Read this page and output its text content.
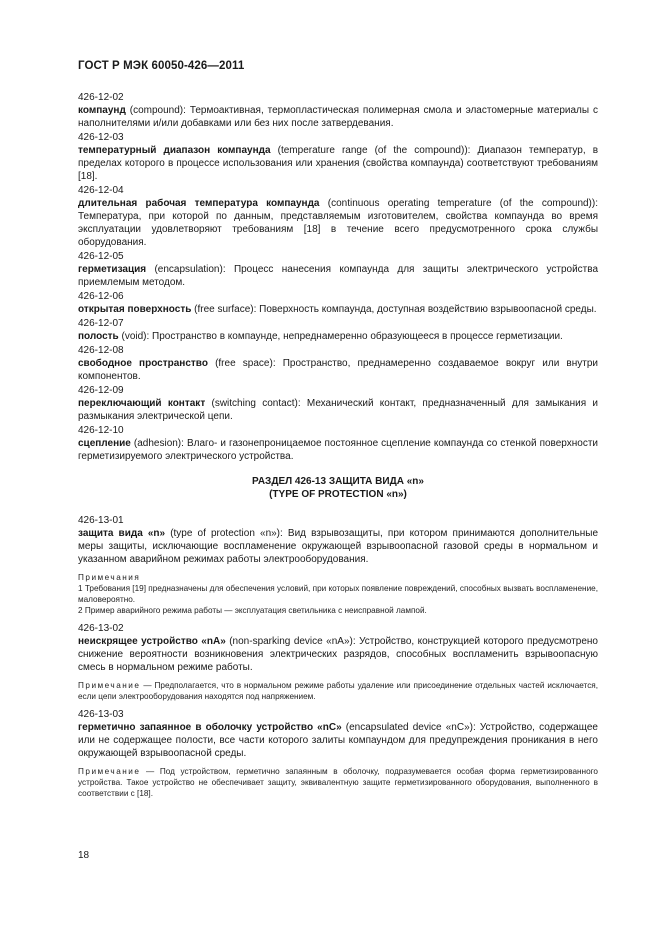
ГОСТ Р МЭК 60050-426—2011

426-12-02

компаунд (compound): Термоактивная, термопластическая полимерная смола и эластомерные материалы с наполнителями и/или добавками или без них после затвердевания.

426-12-03

температурный диапазон компаунда (temperature range (of the compound)): Диапазон температур, в пределах которого в процессе использования или хранения (свойства компаунда) соответствуют требованиям [18].

426-12-04

длительная рабочая температура компаунда (continuous operating temperature (of the compound)): Температура, при которой по данным, представляемым изготовителем, свойства компаунда во время эксплуатации удовлетворяют требованиям [18] в течение всего предусмотренного срока службы оборудования.

426-12-05

герметизация (encapsulation): Процесс нанесения компаунда для защиты электрического устройства приемлемым методом.

426-12-06

открытая поверхность (free surface): Поверхность компаунда, доступная воздействию взрывоопасной среды.

426-12-07

полость (void): Пространство в компаунде, непреднамеренно образующееся в процессе герметизации.

426-12-08

свободное пространство (free space): Пространство, преднамеренно создаваемое вокруг или внутри компонентов.

426-12-09

переключающий контакт (switching contact): Механический контакт, предназначенный для замыкания и размыкания электрической цепи.

426-12-10

сцепление (adhesion): Влаго- и газонепроницаемое постоянное сцепление компаунда со стенкой поверхности герметизируемого электрического устройства.

РАЗДЕЛ 426-13 ЗАЩИТА ВИДА «n»
(TYPE OF PROTECTION «n»)

426-13-01

защита вида «n» (type of protection «n»): Вид взрывозащиты, при котором принимаются дополнительные меры защиты, исключающие воспламенение окружающей взрывоопасной газовой среды в нормальном и указанном аварийном режимах работы электрооборудования.

Примечания

1 Требования [19] предназначены для обеспечения условий, при которых появление повреждений, способных вызвать воспламенение, маловероятно.

2 Пример аварийного режима работы — эксплуатация светильника с неисправной лампой.

426-13-02

неискрящее устройство «nA» (non-sparking device «nA»): Устройство, конструкцией которого предусмотрено снижение вероятности возникновения электрических разрядов, способных воспламенить взрывоопасную смесь в нормальном режиме работы.

Примечание — Предполагается, что в нормальном режиме работы удаление или присоединение отдельных частей исключается, если цепи электрооборудования находятся под напряжением.

426-13-03

герметично запаянное в оболочку устройство «nC» (encapsulated device «nC»): Устройство, содержащее или не содержащее полости, все части которого залиты компаундом для предупреждения проникания в него окружающей взрывоопасной среды.

Примечание — Под устройством, герметично запаянным в оболочку, подразумевается особая форма герметизированного устройства. Такое устройство не обеспечивает защиту, эквивалентную защите герметизированного оборудования, выполненного в соответствии с [18].

18
